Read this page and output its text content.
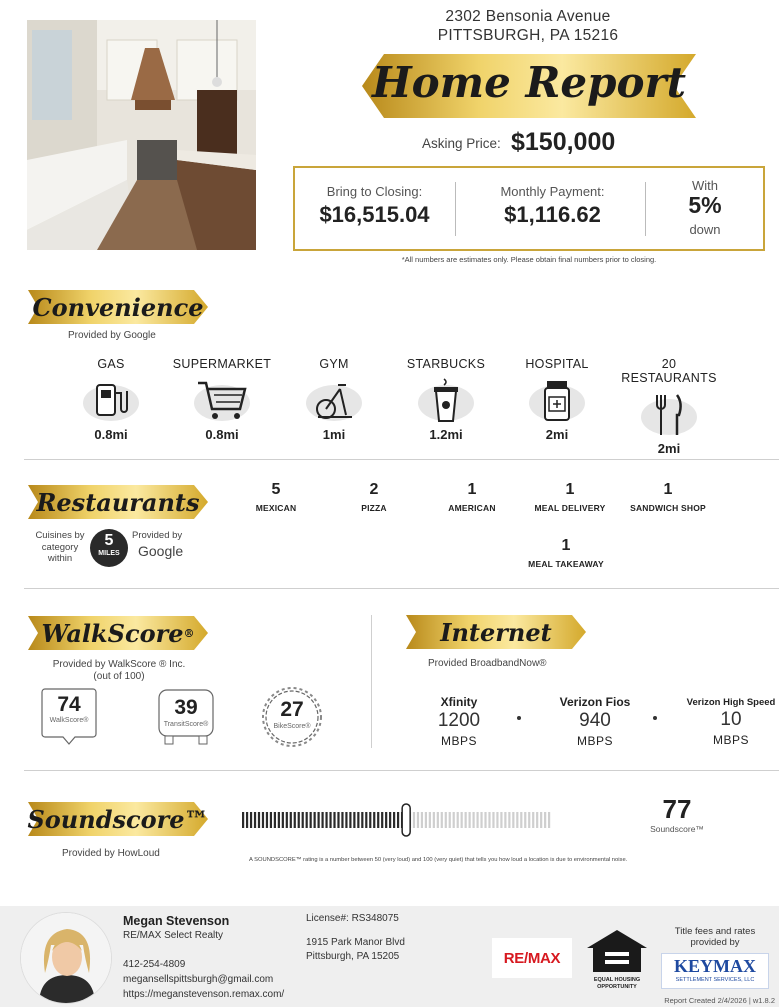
2302 Bensonia Avenue
PITTSBURGH, PA 15216
Home Report
Asking Price: $150,000
Bring to Closing:
$16,515.04
Monthly Payment:
$1,116.62
With
5%
down
*All numbers are estimates only. Please obtain final numbers prior to closing.
Convenience
Provided by Google
GAS
0.8mi
SUPERMARKET
0.8mi
GYM
1mi
STARBUCKS
1.2mi
HOSPITAL
2mi
20 RESTAURANTS
2mi
Restaurants
Cuisines by category within
5
MILES
Provided by
Google
5
MEXICAN
2
PIZZA
1
AMERICAN
1
MEAL DELIVERY
1
SANDWICH SHOP
1
MEAL TAKEAWAY
WalkScore ®
Provided by WalkScore ® Inc.
(out of 100)
74
WalkScore®
39
TransitScore®
27
BikeScore®
Internet
Provided BroadbandNow®
Xfinity
1200
MBPS
Verizon Fios
940
MBPS
Verizon High Speed
10
MBPS
Soundscore™
Provided by HowLoud
77
Soundscore™
A SOUNDSCORE™ rating is a number between 50 (very loud) and 100 (very quiet) that tells you how loud a location is due to environmental noise.
Megan Stevenson
RE/MAX Select Realty
412-254-4809
megansellspittsburgh@gmail.com
https://meganstevenson.remax.com/
License#: RS348075
1915 Park Manor Blvd
Pittsburgh, PA 15205	RE/MAX
EQUAL HOUSING OPPORTUNITY
Title fees and rates provided by
KEYMAX
SETTLEMENT SERVICES, LLC
Report Created 2/4/2026 | w1.8.2
